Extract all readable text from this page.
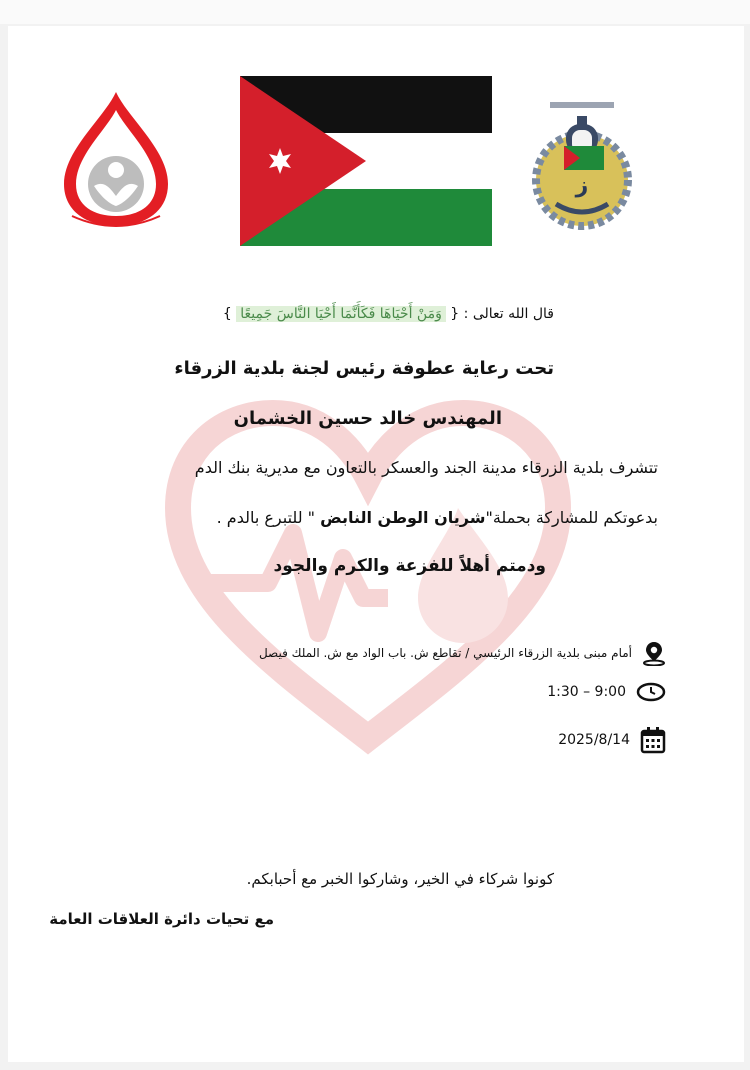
ز
قال الله تعالى : { وَمَنْ أَحْيَاهَا فَكَأَنَّمَا أَحْيَا النَّاسَ جَمِيعًا }
تحت رعاية عطوفة رئيس لجنة بلدية الزرقاء
المهندس خالد حسين الخشمان
تتشرف بلدية الزرقاء مدينة الجند والعسكر بالتعاون مع مديرية بنك الدم
بدعوتكم للمشاركة بحملة"شريان الوطن النابض " للتبرع بالدم .
ودمتم أهلاً للفزعة والكرم والجود
أمام مبنى بلدية الزرقاء الرئيسي / تقاطع ش. باب الواد مع ش. الملك فيصل
1:30 – 9:00
2025/8/14
كونوا شركاء في الخير، وشاركوا الخبر مع أحبابكم.
مع تحيات دائرة العلاقات العامة
